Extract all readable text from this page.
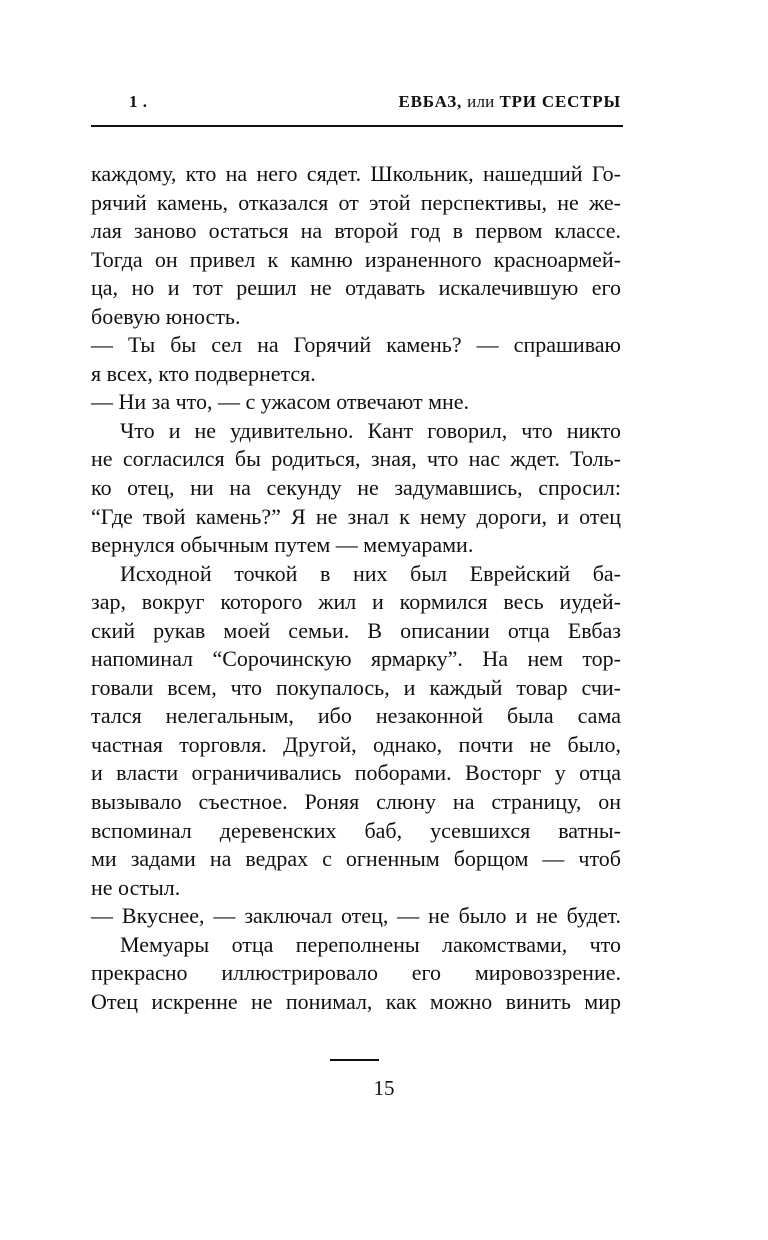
1 .	ЕВБАЗ, или ТРИ СЕСТРЫ
каждому, кто на него сядет. Школьник, нашедший Го-
рячий камень, отказался от этой перспективы, не же-
лая заново остаться на второй год в первом классе.
Тогда он привел к камню израненного красноармей-
ца, но и тот решил не отдавать искалечившую его
боевую юность.
— Ты бы сел на Горячий камень? — спрашиваю
я всех, кто подвернется.
— Ни за что, — с ужасом отвечают мне.
Что и не удивительно. Кант говорил, что никто
не согласился бы родиться, зная, что нас ждет. Толь-
ко отец, ни на секунду не задумавшись, спросил:
“Где твой камень?” Я не знал к нему дороги, и отец
вернулся обычным путем — мемуарами.
Исходной точкой в них был Еврейский ба-
зар, вокруг которого жил и кормился весь иудей-
ский рукав моей семьи. В описании отца Евбаз
напоминал “Сорочинскую ярмарку”. На нем тор-
говали всем, что покупалось, и каждый товар счи-
тался нелегальным, ибо незаконной была сама
частная торговля. Другой, однако, почти не было,
и власти ограничивались поборами. Восторг у отца
вызывало съестное. Роняя слюну на страницу, он
вспоминал деревенских баб, усевшихся ватны-
ми задами на ведрах с огненным борщом — чтоб
не остыл.
— Вкуснее, — заключал отец, — не было и не будет.
Мемуары отца переполнены лакомствами, что
прекрасно иллюстрировало его мировоззрение.
Отец искренне не понимал, как можно винить мир
15
